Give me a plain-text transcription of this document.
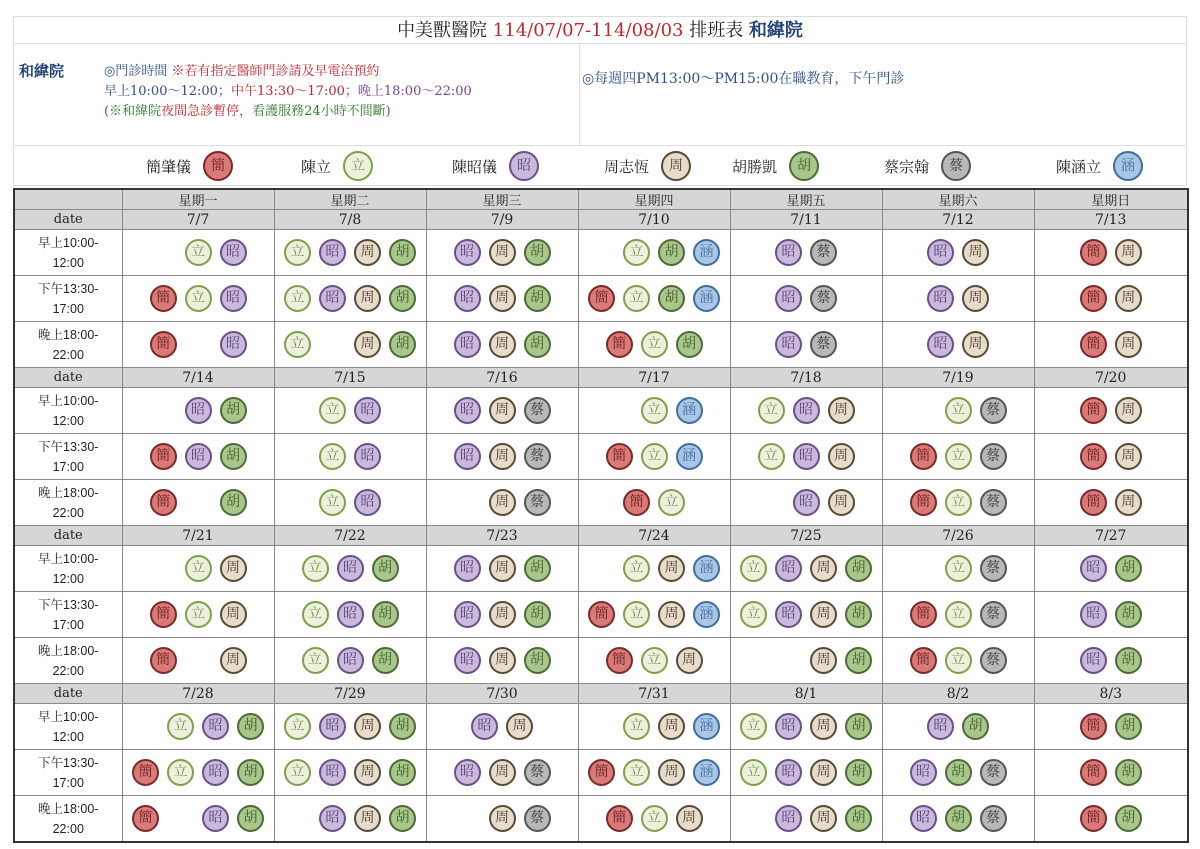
中美獸醫院 114/07/07-114/08/03 排班表 和緯院
和緯院	◎門診時間 ※若有指定醫師門診請及早電洽預約
早上10:00～12:00；中午13:30～17:00；晚上18:00～22:00
(※和緯院夜間急診暫停，看護服務24小時不間斷)
◎每週四PM13:00～PM15:00在職教育，下午門診
簡肇儀	簡	陳立	立	陳昭儀	昭	周志恆	周	胡勝凱	胡	蔡宗翰	蔡	陳涵立	涵
	星期一	星期二	星期三	星期四	星期五	星期六	星期日
date	7/7	7/8	7/9	7/10	7/11	7/12	7/13

早上10:00-
12:00	立 昭	立 昭 周 胡	昭 周 胡	立 胡 涵	昭 蔡	昭 周	簡 周

下午13:30-
17:00	簡 立 昭	立 昭 周 胡	昭 周 胡	簡 立 胡 涵	昭 蔡	昭 周	簡 周

晚上18:00-
22:00	簡 昭	立 周 胡	昭 周 胡	簡 立 胡	昭 蔡	昭 周	簡 周
date	7/14	7/15	7/16	7/17	7/18	7/19	7/20

早上10:00-
12:00	昭 胡	立 昭	昭 周 蔡	立 涵	立 昭 周	立 蔡	簡 周

下午13:30-
17:00	簡 昭 胡	立 昭	昭 周 蔡	簡 立 涵	立 昭 周	簡 立 蔡	簡 周

晚上18:00-
22:00	簡 胡	立 昭	周 蔡	簡 立	昭 周	簡 立 蔡	簡 周
date	7/21	7/22	7/23	7/24	7/25	7/26	7/27

早上10:00-
12:00	立 周	立 昭 胡	昭 周 胡	立 周 涵	立 昭 周 胡	立 蔡	昭 胡

下午13:30-
17:00	簡 立 周	立 昭 胡	昭 周 胡	簡 立 周 涵	立 昭 周 胡	簡 立 蔡	昭 胡

晚上18:00-
22:00	簡 周	立 昭 胡	昭 周 胡	簡 立 周	周 胡	簡 立 蔡	昭 胡
date	7/28	7/29	7/30	7/31	8/1	8/2	8/3

早上10:00-
12:00	立 昭 胡	立 昭 周 胡	昭 周	立 周 涵	立 昭 周 胡	昭 胡	簡 胡

下午13:30-
17:00	簡 立 昭 胡	立 昭 周 胡	昭 周 蔡	簡 立 周 涵	立 昭 周 胡	昭 胡 蔡	簡 胡

晚上18:00-
22:00	簡 昭 胡	昭 周 胡	周 蔡	簡 立 周	昭 周 胡	昭 胡 蔡	簡 胡
